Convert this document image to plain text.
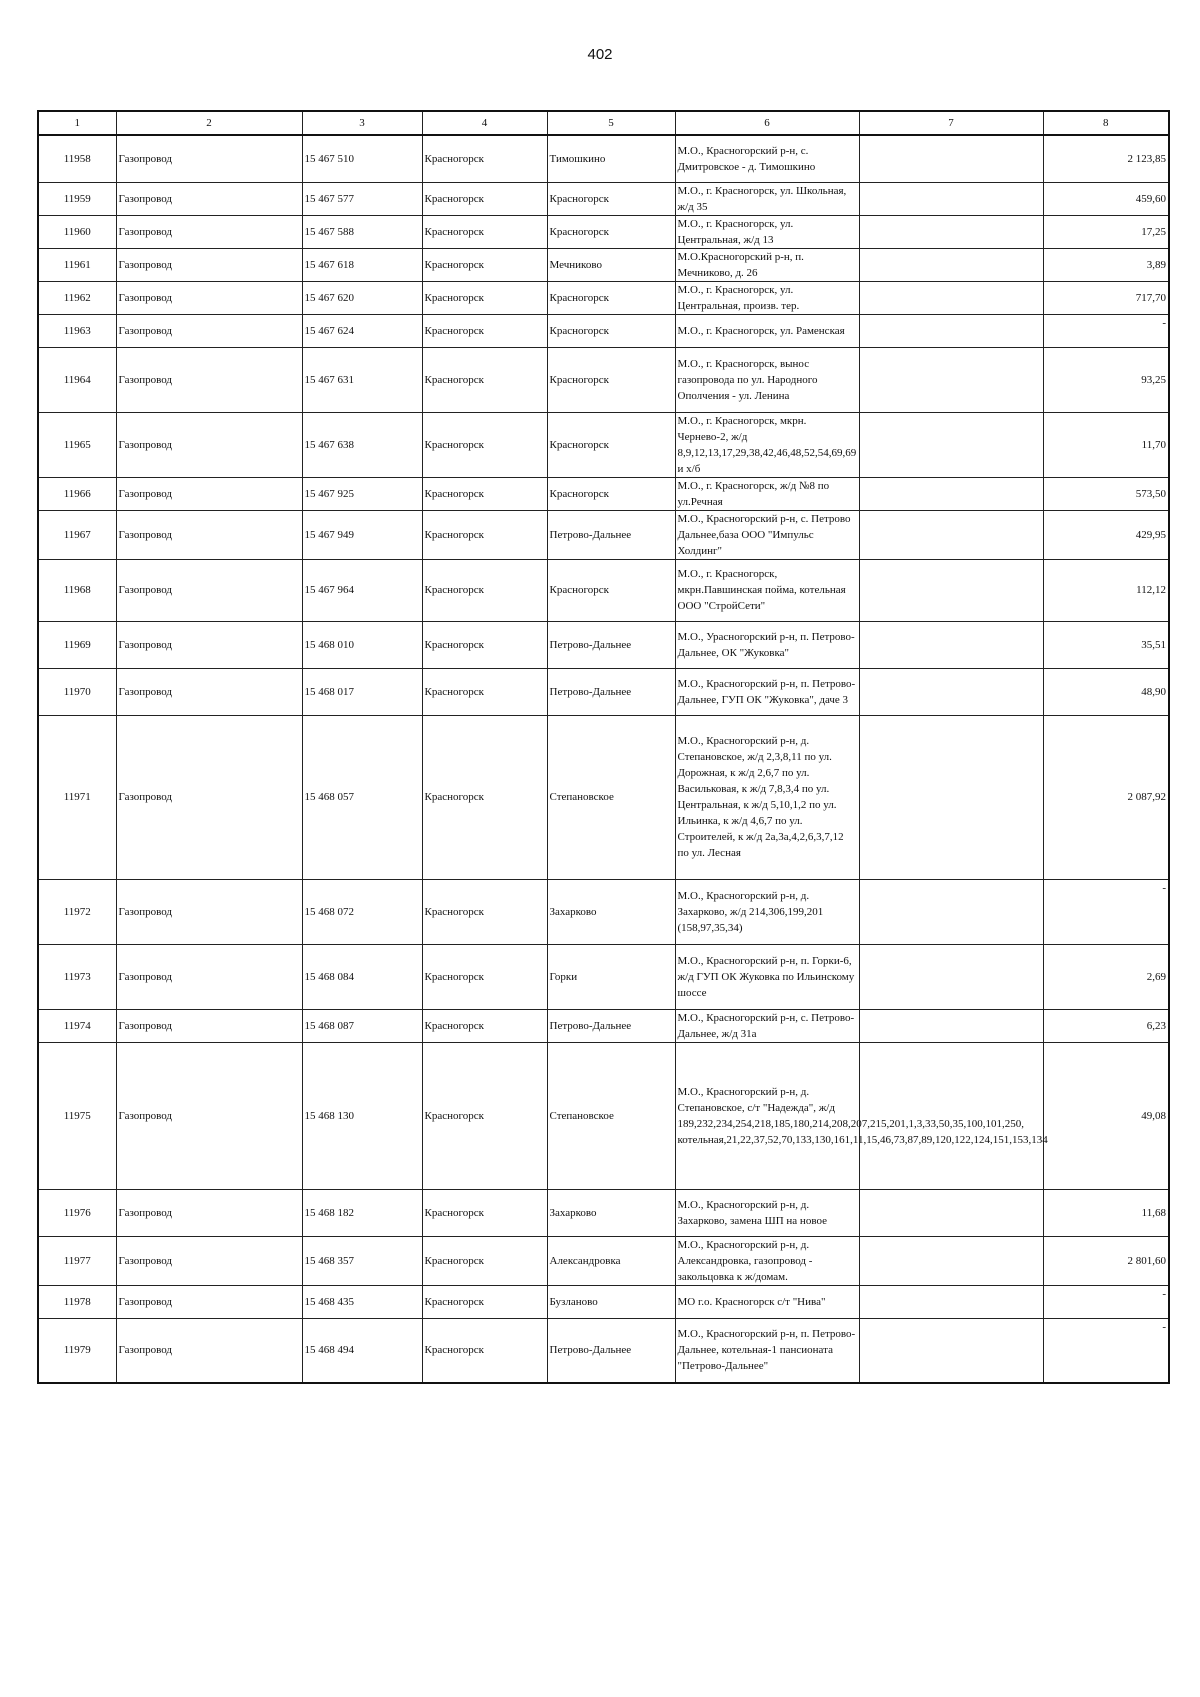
402
1	2	3	4	5	6	7	8
11958	Газопровод	15 467 510	Красногорск	Тимошкино	М.О., Красногорский р-н, с. Дмитровское - д. Тимошкино		2 123,85
11959	Газопровод	15 467 577	Красногорск	Красногорск	М.О., г. Красногорск, ул. Школьная, ж/д 35		459,60
11960	Газопровод	15 467 588	Красногорск	Красногорск	М.О., г. Красногорск, ул. Центральная, ж/д 13		17,25
11961	Газопровод	15 467 618	Красногорск	Мечниково	М.О.Красногорский р-н, п. Мечниково, д. 26		3,89
11962	Газопровод	15 467 620	Красногорск	Красногорск	М.О., г. Красногорск, ул. Центральная, произв. тер.		717,70
11963	Газопровод	15 467 624	Красногорск	Красногорск	М.О., г. Красногорск, ул. Раменская		-
11964	Газопровод	15 467 631	Красногорск	Красногорск	М.О., г. Красногорск, вынос газопровода по ул. Народного Ополчения - ул. Ленина		93,25
11965	Газопровод	15 467 638	Красногорск	Красногорск	М.О., г. Красногорск, мкрн. Чернево-2, ж/д 8,9,12,13,17,29,38,42,46,48,52,54,69,69 и х/б		11,70
11966	Газопровод	15 467 925	Красногорск	Красногорск	М.О., г. Красногорск, ж/д №8 по ул.Речная		573,50
11967	Газопровод	15 467 949	Красногорск	Петрово-Дальнее	М.О., Красногорский р-н, с. Петрово Дальнее,база ООО "Импульс Холдинг"		429,95
11968	Газопровод	15 467 964	Красногорск	Красногорск	М.О., г. Красногорск, мкрн.Павшинская пойма, котельная ООО "СтройСети"		112,12
11969	Газопровод	15 468 010	Красногорск	Петрово-Дальнее	М.О., Урасногорский р-н, п. Петрово-Дальнее, ОК "Жуковка"		35,51
11970	Газопровод	15 468 017	Красногорск	Петрово-Дальнее	М.О., Красногорский р-н, п. Петрово-Дальнее, ГУП ОК "Жуковка", даче 3		48,90
11971	Газопровод	15 468 057	Красногорск	Степановское	М.О., Красногорский р-н, д. Степановское, ж/д 2,3,8,11 по ул. Дорожная, к ж/д 2,6,7 по ул. Васильковая, к ж/д 7,8,3,4 по ул. Центральная, к ж/д 5,10,1,2 по ул. Ильинка, к ж/д 4,6,7 по ул. Строителей, к ж/д 2а,3а,4,2,6,3,7,12 по ул. Лесная		2 087,92
11972	Газопровод	15 468 072	Красногорск	Захарково	М.О., Красногорский р-н, д. Захарково, ж/д 214,306,199,201 (158,97,35,34)		-
11973	Газопровод	15 468 084	Красногорск	Горки	М.О., Красногорский р-н, п. Горки-6, ж/д ГУП ОК Жуковка по Ильинскому шоссе		2,69
11974	Газопровод	15 468 087	Красногорск	Петрово-Дальнее	М.О., Красногорский р-н, с. Петрово-Дальнее, ж/д 31а		6,23
11975	Газопровод	15 468 130	Красногорск	Степановское	М.О., Красногорский р-н, д. Степановское, с/т "Надежда", ж/д 189,232,234,254,218,185,180,214,208,207,215,201,1,3,33,50,35,100,101,250, котельная,21,22,37,52,70,133,130,161,11,15,46,73,87,89,120,122,124,151,153,134		49,08
11976	Газопровод	15 468 182	Красногорск	Захарково	М.О., Красногорский р-н, д. Захарково, замена ШП на новое		11,68
11977	Газопровод	15 468 357	Красногорск	Александровка	М.О., Красногорский р-н, д. Александровка, газопровод - закольцовка к ж/домам.		2 801,60
11978	Газопровод	15 468 435	Красногорск	Бузланово	МО г.о. Красногорск с/т "Нива"		-
11979	Газопровод	15 468 494	Красногорск	Петрово-Дальнее	М.О., Красногорский р-н, п. Петрово-Дальнее, котельная-1 пансионата "Петрово-Дальнее"		-
